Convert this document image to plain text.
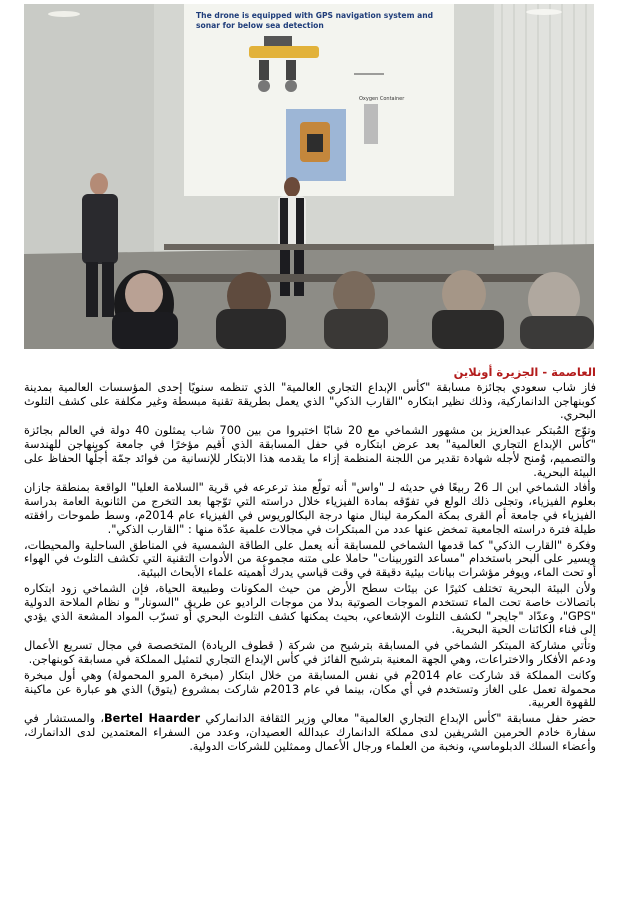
The drone is equipped with GPS navigation system and sonar for below sea detection
Oxygen Container
العاصمة - الجزيرة أونلاين

فاز شاب سعودي بجائزة مسابقة "كأس الإبداع التجاري العالمية" الذي تنظمه سنويًا إحدى المؤسسات العالمية بمدينة كوبنهاجن الدانماركية، وذلك نظير ابتكاره "القارب الذكي" الذي يعمل بطريقة تقنية مبسطة وغير مكلفة على كشف التلوث البحري.

وتوّج المُبتكر عبدالعزيز بن مشهور الشماخي مع 20 شابًا اختيروا من بين 700 شاب يمثلون 40 دولة في العالم بجائزة "كأس الإبداع التجاري العالمية" بعد عرض ابتكاره في حفل المسابقة الذي أقيم مؤخرًا في جامعة كوبنهاجن للهندسة والتصميم، وُمنح لأجله شهادة تقدير من اللجنة المنظمة إزاء ما يقدمه هذا الابتكار للإنسانية من فوائد جمّة أجلّها الحفاظ على البيئة البحرية.

وأفاد الشماخي ابن الـ 26 ربيعًا في حديثه لـ "واس" أنه تولّع منذ ترعرعه في قرية "السلامة العليا" الواقعة بمنطقة جازان بعلوم الفيزياء، وتجلى ذلك الولع في تفوّقه بمادة الفيزياء خلال دراسته التي توّجها بعد التخرج من الثانوية العامة بدراسة الفيزياء في جامعة أم القرى بمكة المكرمة لينال منها درجة البكالوريوس في الفيزياء عام 2014م، وسط طموحات رافقته طيلة فترة دراسته الجامعية تمخض عنها عدد من المبتكرات في مجالات علمية عدّة منها : "القارب الذكي".

وفكرة "القارب الذكي" كما قدمها الشماخي للمسابقة أنه يعمل على الطاقة الشمسية في المناطق الساحلية والمحيطات، ويسير على البحر باستخدام "مساعد التوربينات" حاملا على متنه مجموعة من الأدوات التقنية التي تكشف التلوث في الهواء أو تحت الماء، ويوفر مؤشرات بيانات بيئية دقيقة في وقت قياسي يدرك أهميته علماء الأبحاث البيئية.

ولأن البيئة البحرية تختلف كثيرًا عن بيئات سطح الأرض من حيث المكونات وطبيعة الحياة، فإن الشماخي زود ابتكاره باتصالات خاصة تحت الماء تستخدم الموجات الصوتية بدلا من موجات الراديو عن طريق "السونار" و نظام الملاحة الدولية "GPS"، وعدّاد "جايجر" لكشف التلوث الإشعاعي، بحيث يمكنها كشف التلوث البحري أو تسرّب المواد المشعة الذي يؤدي إلى فناء الكائنات الحية البحرية.

وتأتي مشاركة المبتكر الشماخي في المسابقة بترشيح من شركة ( قطوف الريادة) المتخصصة في مجال تسريع الأعمال ودعم الأفكار والاختراعات، وهي الجهة المعنية بترشيح الفائز في كأس الإبداع التجاري لتمثيل المملكة في مسابقة كوبنهاجن.

وكانت المملكة قد شاركت عام 2014م في نفس المسابقة من خلال ابتكار (مبخرة المرو المحمولة) وهي أول مبخرة محمولة تعمل على الغاز وتستخدم في أي مكان، بينما في عام 2013م شاركت بمشروع (يتوق) الذي هو عبارة عن ماكينة للقهوة العربية.

حضر حفل مسابقة "كأس الإبداع التجاري العالمية" معالي وزير الثقافة الدانماركي Bertel Haarder، والمستشار في سفارة خادم الحرمين الشريفين لدى مملكة الدانمارك عبدالله العصيدان، وعدد من السفراء المعتمدين لدى الدانمارك، وأعضاء السلك الدبلوماسي، ونخبة من العلماء ورجال الأعمال وممثلين للشركات الدولية.
